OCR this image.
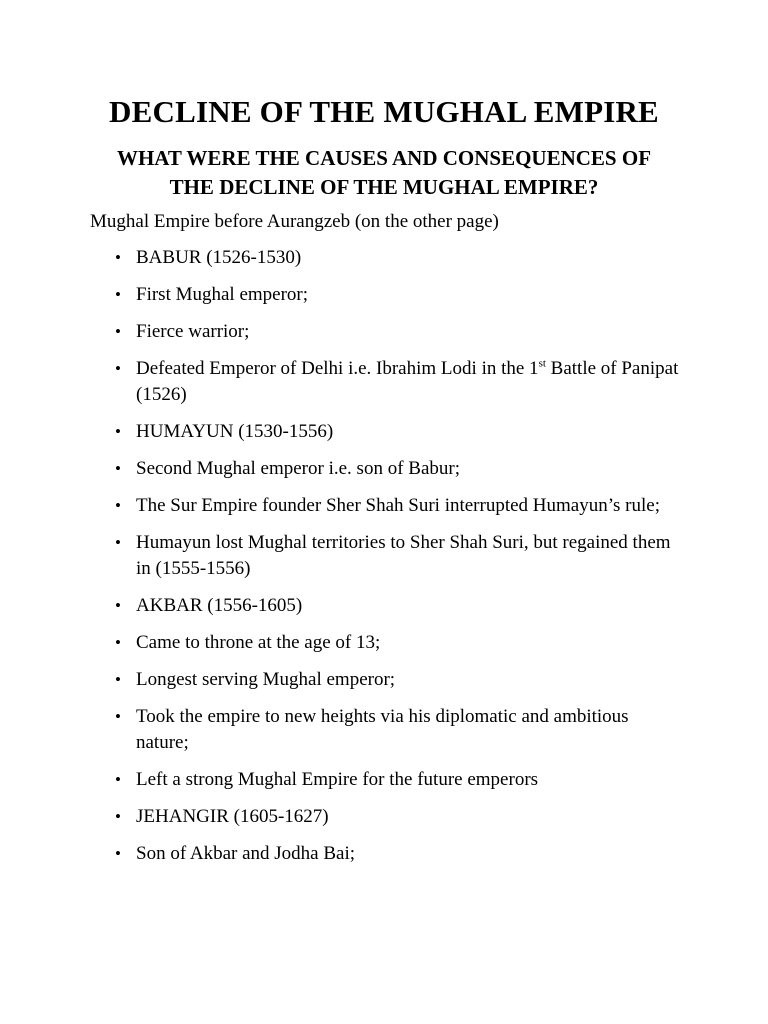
DECLINE OF THE MUGHAL EMPIRE
WHAT WERE THE CAUSES AND CONSEQUENCES OF
THE DECLINE OF THE MUGHAL EMPIRE?

Mughal Empire before Aurangzeb (on the other page)

• BABUR (1526-1530)
• First Mughal emperor;
• Fierce warrior;
• Defeated Emperor of Delhi i.e. Ibrahim Lodi in the 1st Battle of Panipat (1526)
• HUMAYUN (1530-1556)
• Second Mughal emperor i.e. son of Babur;
• The Sur Empire founder Sher Shah Suri interrupted Humayun’s rule;
• Humayun lost Mughal territories to Sher Shah Suri, but regained them in (1555-1556)
• AKBAR (1556-1605)
• Came to throne at the age of 13;
• Longest serving Mughal emperor;
• Took the empire to new heights via his diplomatic and ambitious nature;
• Left a strong Mughal Empire for the future emperors
• JEHANGIR (1605-1627)
• Son of Akbar and Jodha Bai;
